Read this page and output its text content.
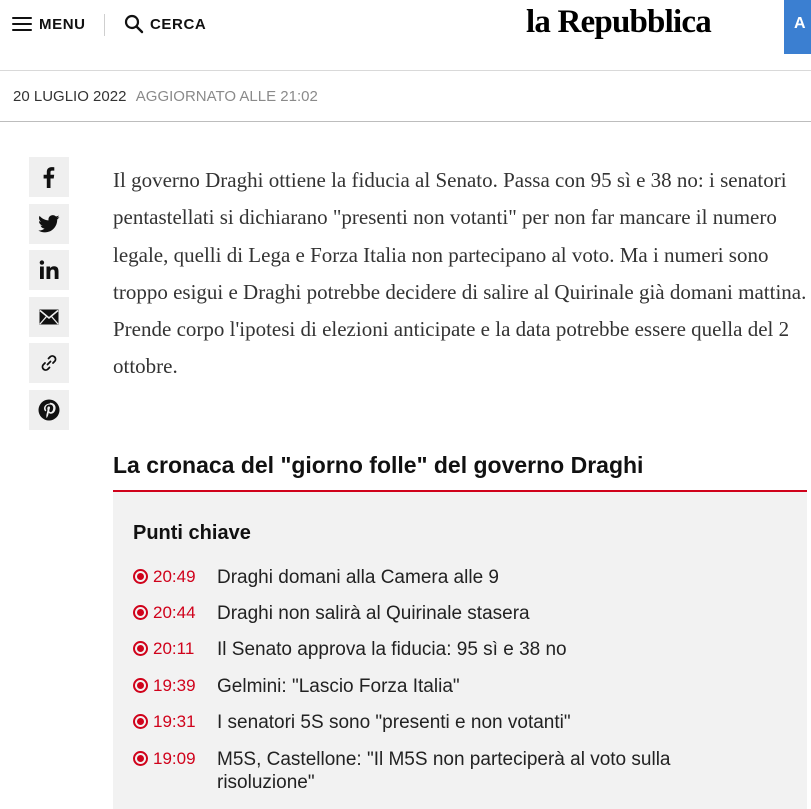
MENU	CERCA	la Repubblica	A
20 LUGLIO 2022 AGGIORNATO ALLE 21:02

Il governo Draghi ottiene la fiducia al Senato. Passa con 95 sì e 38 no: i senatori pentastellati si dichiarano "presenti non votanti" per non far mancare il numero legale, quelli di Lega e Forza Italia non partecipano al voto. Ma i numeri sono troppo esigui e Draghi potrebbe decidere di salire al Quirinale già domani mattina. Prende corpo l'ipotesi di elezioni anticipate e la data potrebbe essere quella del 2 ottobre.

La cronaca del "giorno folle" del governo Draghi
Punti chiave
20:49 Draghi domani alla Camera alle 9
20:44 Draghi non salirà al Quirinale stasera
20:11 Il Senato approva la fiducia: 95 sì e 38 no
19:39 Gelmini: "Lascio Forza Italia"
19:31 I senatori 5S sono "presenti e non votanti"
19:09 M5S, Castellone: "Il M5S non parteciperà al voto sulla risoluzione"
